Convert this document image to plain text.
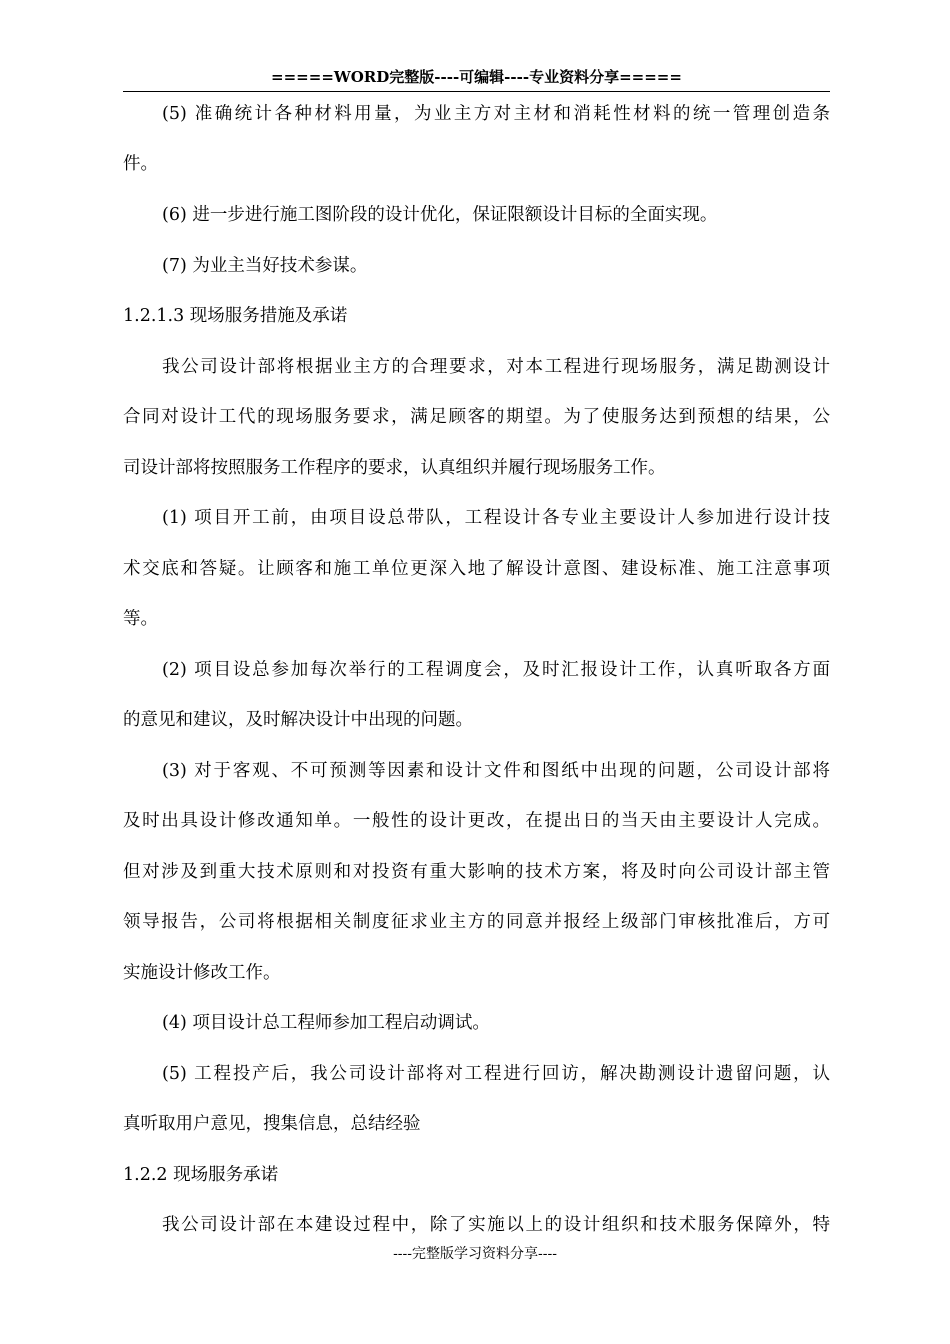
=====WORD完整版----可编辑----专业资料分享=====
(5) 准确统计各种材料用量，为业主方对主材和消耗性材料的统一管理创造条
件。
(6) 进一步进行施工图阶段的设计优化，保证限额设计目标的全面实现。
(7) 为业主当好技术参谋。
1.2.1.3 现场服务措施及承诺
我公司设计部将根据业主方的合理要求，对本工程进行现场服务，满足勘测设计
合同对设计工代的现场服务要求，满足顾客的期望。为了使服务达到预想的结果，公
司设计部将按照服务工作程序的要求，认真组织并履行现场服务工作。
(1) 项目开工前，由项目设总带队，工程设计各专业主要设计人参加进行设计技
术交底和答疑。让顾客和施工单位更深入地了解设计意图、建设标准、施工注意事项
等。
(2) 项目设总参加每次举行的工程调度会，及时汇报设计工作，认真听取各方面
的意见和建议，及时解决设计中出现的问题。
(3) 对于客观、不可预测等因素和设计文件和图纸中出现的问题，公司设计部将
及时出具设计修改通知单。一般性的设计更改，在提出日的当天由主要设计人完成。
但对涉及到重大技术原则和对投资有重大影响的技术方案，将及时向公司设计部主管
领导报告，公司将根据相关制度征求业主方的同意并报经上级部门审核批准后，方可
实施设计修改工作。
(4) 项目设计总工程师参加工程启动调试。
(5) 工程投产后，我公司设计部将对工程进行回访，解决勘测设计遗留问题，认
真听取用户意见，搜集信息，总结经验
1.2.2 现场服务承诺
我公司设计部在本建设过程中，除了实施以上的设计组织和技术服务保障外，特
----完整版学习资料分享----
